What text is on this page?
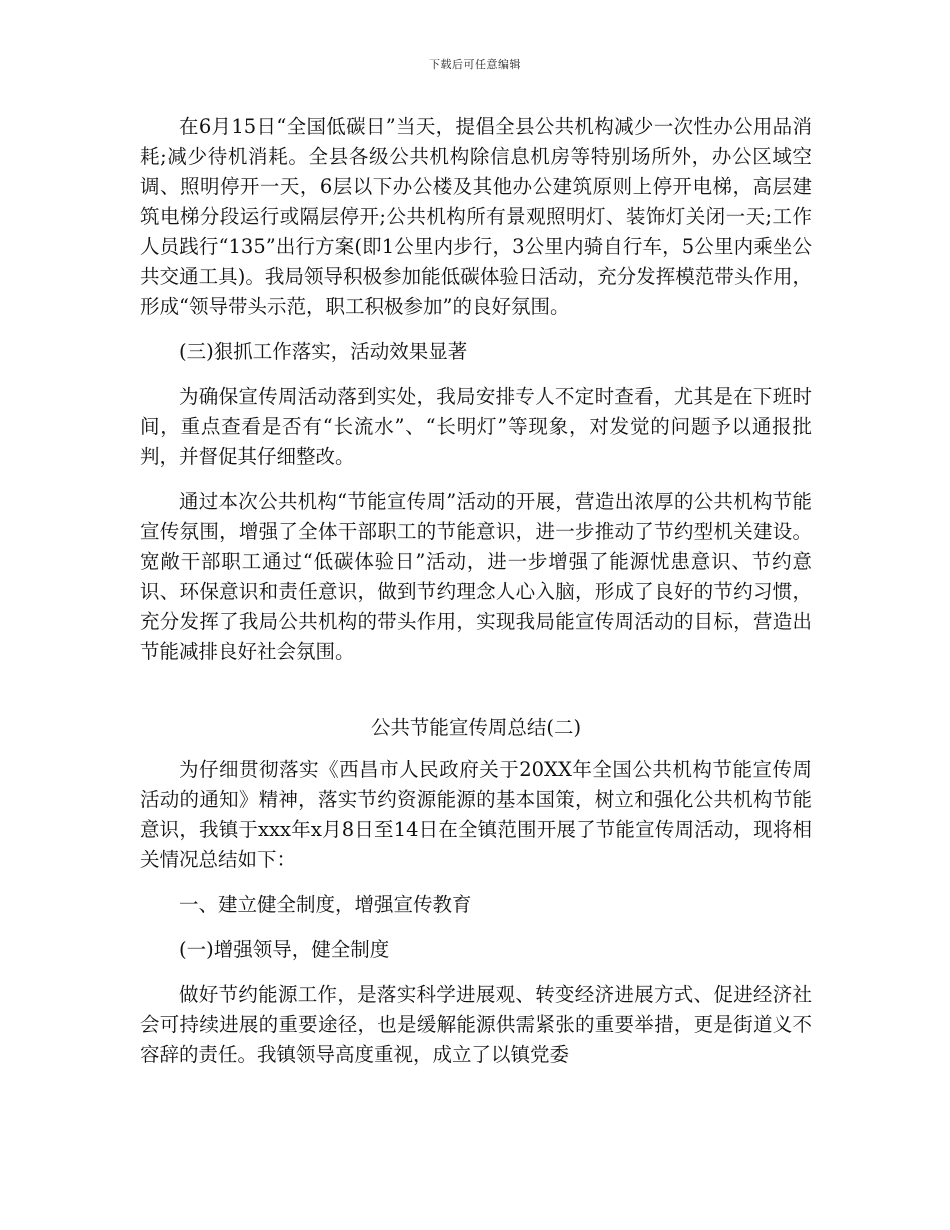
下载后可任意编辑

在6月15日“全国低碳日”当天，提倡全县公共机构减少一次性办公用品消耗;减少待机消耗。全县各级公共机构除信息机房等特别场所外，办公区域空调、照明停开一天，6层以下办公楼及其他办公建筑原则上停开电梯，高层建筑电梯分段运行或隔层停开;公共机构所有景观照明灯、装饰灯关闭一天;工作人员践行“135”出行方案(即1公里内步行，3公里内骑自行车，5公里内乘坐公共交通工具)。我局领导积极参加能低碳体验日活动，充分发挥模范带头作用，形成“领导带头示范，职工积极参加”的良好氛围。

(三)狠抓工作落实，活动效果显著

为确保宣传周活动落到实处，我局安排专人不定时查看，尤其是在下班时间，重点查看是否有“长流水”、“长明灯”等现象，对发觉的问题予以通报批判，并督促其仔细整改。

通过本次公共机构“节能宣传周”活动的开展，营造出浓厚的公共机构节能宣传氛围，增强了全体干部职工的节能意识，进一步推动了节约型机关建设。宽敞干部职工通过“低碳体验日”活动，进一步增强了能源忧患意识、节约意识、环保意识和责任意识，做到节约理念人心入脑，形成了良好的节约习惯，充分发挥了我局公共机构的带头作用，实现我局能宣传周活动的目标，营造出节能减排良好社会氛围。

公共节能宣传周总结(二)

为仔细贯彻落实《西昌市人民政府关于20XX年全国公共机构节能宣传周活动的通知》精神，落实节约资源能源的基本国策，树立和强化公共机构节能意识，我镇于xxx年x月8日至14日在全镇范围开展了节能宣传周活动，现将相关情况总结如下：

一、建立健全制度，增强宣传教育

(一)增强领导，健全制度

做好节约能源工作，是落实科学进展观、转变经济进展方式、促进经济社会可持续进展的重要途径，也是缓解能源供需紧张的重要举措，更是街道义不容辞的责任。我镇领导高度重视，成立了以镇党委
